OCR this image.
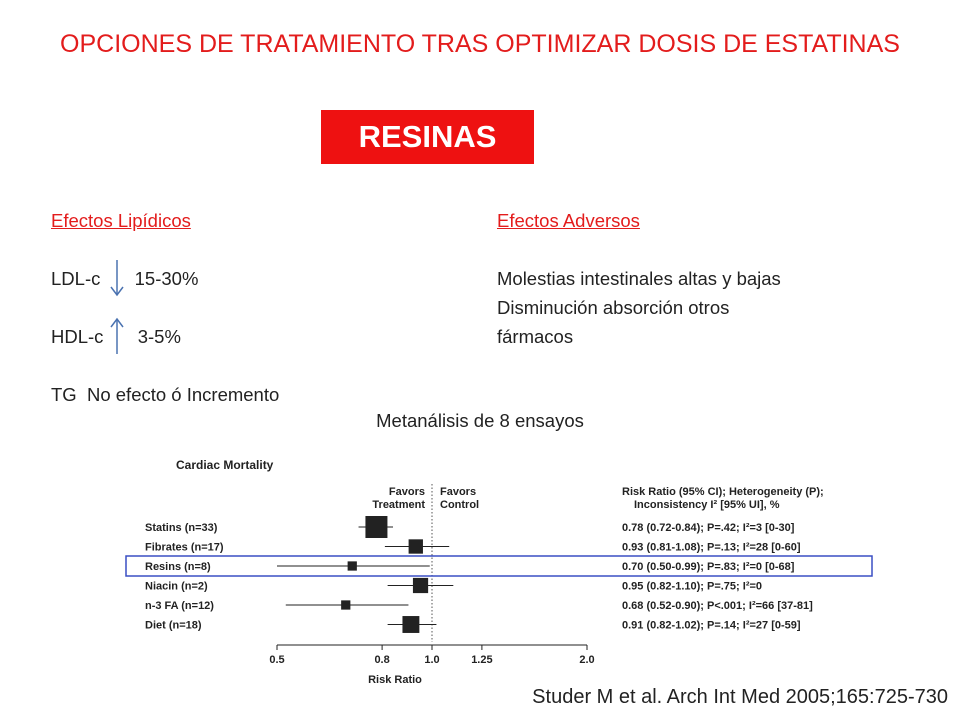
OPCIONES DE TRATAMIENTO TRAS OPTIMIZAR DOSIS DE ESTATINAS
RESINAS
Efectos Lipídicos
LDL-c 15-30%
HDL-c 3-5%
TG  No efecto ó Incremento
Efectos Adversos
Molestias intestinales altas y bajas
Disminución absorción otros
fármacos
Metanálisis de 8 ensayos
Cardiac Mortality
Favors
Treatment
Favors
Control
Risk Ratio (95% CI); Heterogeneity (P);
Inconsistency I² [95% UI], %
Statins (n=33)	0.78 (0.72-0.84); P=.42; I²=3 [0-30]
Fibrates (n=17)	0.93 (0.81-1.08); P=.13; I²=28 [0-60]
Resins (n=8)	0.70 (0.50-0.99); P=.83; I²=0 [0-68]
Niacin (n=2)	0.95 (0.82-1.10); P=.75; I²=0
n-3 FA (n=12)	0.68 (0.52-0.90); P<.001; I²=66 [37-81]
Diet (n=18)	0.91 (0.82-1.02); P=.14; I²=27 [0-59]
0.5	0.8	1.0	1.25	2.0
Risk Ratio
Studer M et al. Arch Int Med 2005;165:725-730
